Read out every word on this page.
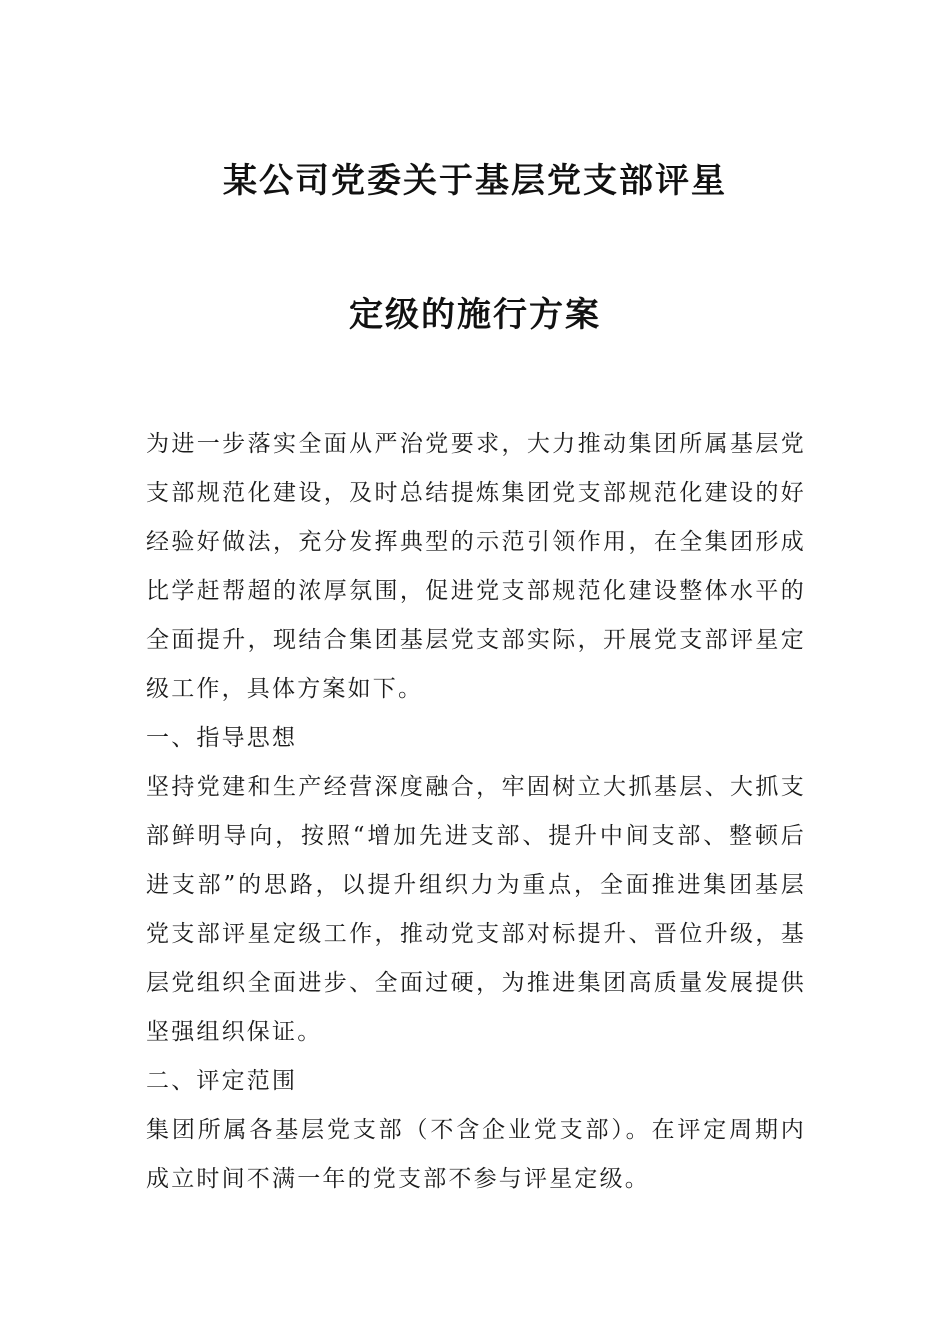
某公司党委关于基层党支部评星
定级的施行方案

为进一步落实全面从严治党要求，大力推动集团所属基层党支部规范化建设，及时总结提炼集团党支部规范化建设的好经验好做法，充分发挥典型的示范引领作用，在全集团形成比学赶帮超的浓厚氛围，促进党支部规范化建设整体水平的全面提升，现结合集团基层党支部实际，开展党支部评星定级工作，具体方案如下。

一、指导思想

坚持党建和生产经营深度融合，牢固树立大抓基层、大抓支部鲜明导向，按照“增加先进支部、提升中间支部、整顿后进支部”的思路，以提升组织力为重点，全面推进集团基层党支部评星定级工作，推动党支部对标提升、晋位升级，基层党组织全面进步、全面过硬，为推进集团高质量发展提供坚强组织保证。

二、评定范围

集团所属各基层党支部（不含企业党支部）。在评定周期内成立时间不满一年的党支部不参与评星定级。
